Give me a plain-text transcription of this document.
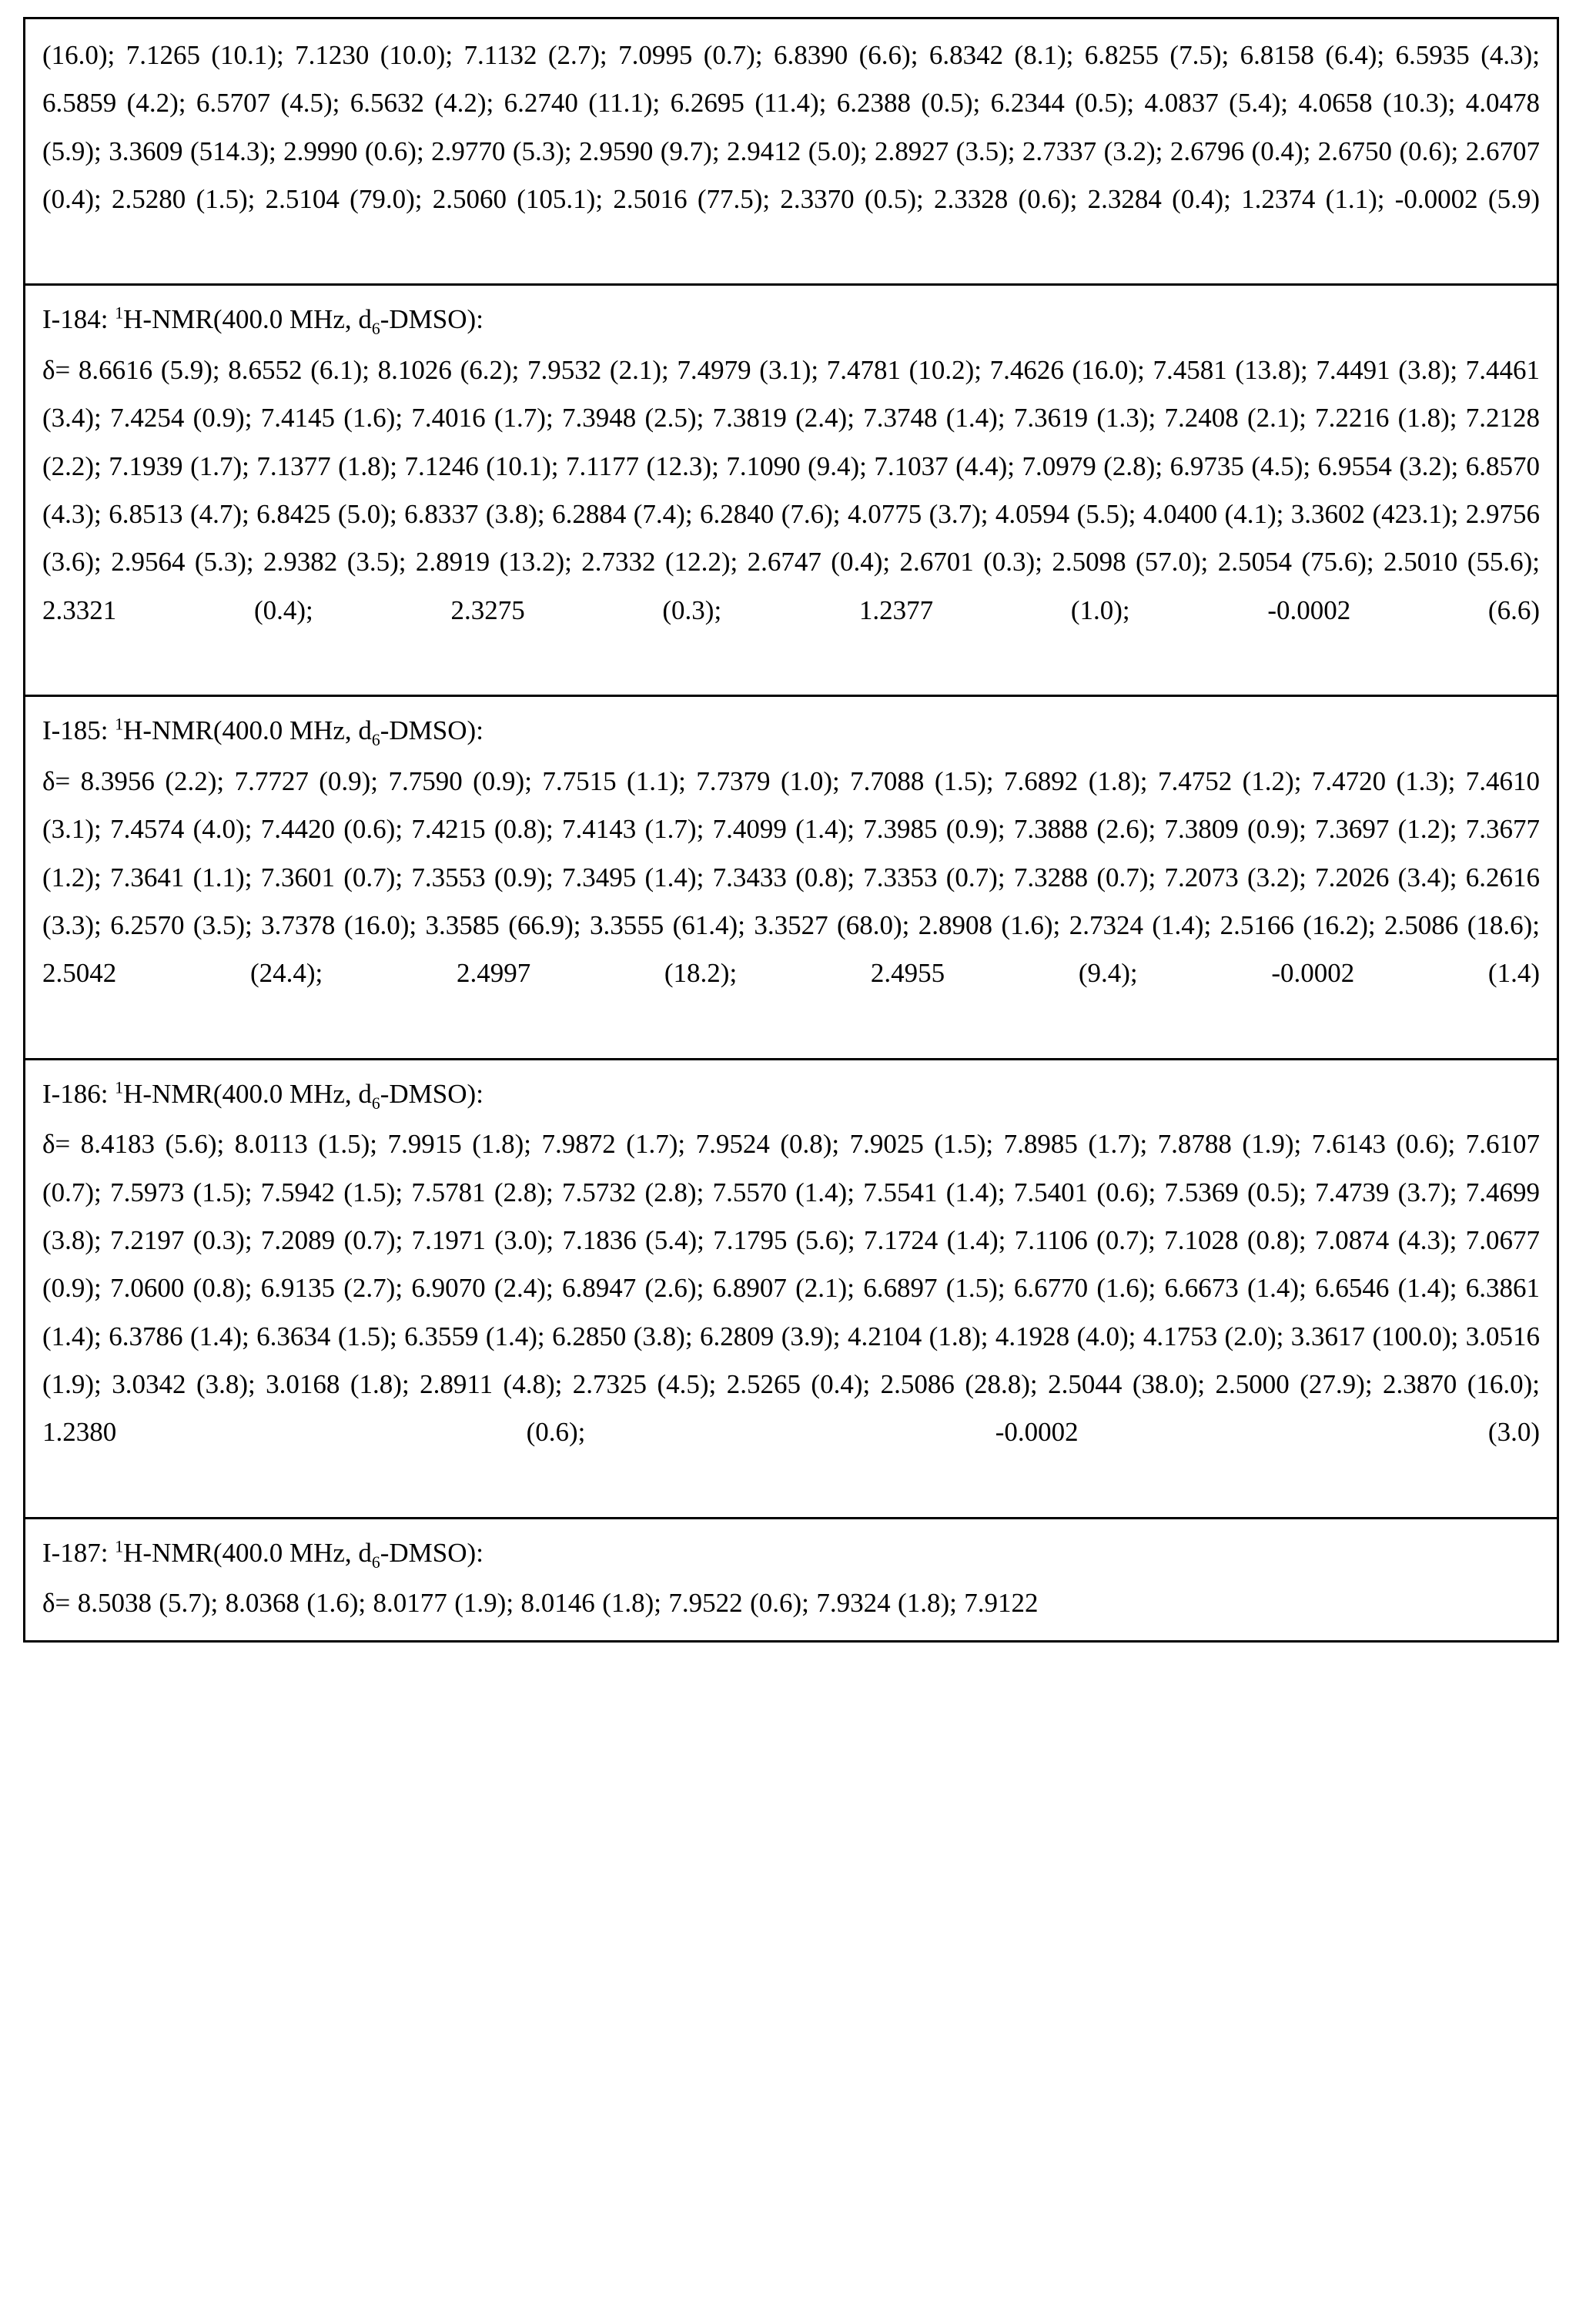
(16.0); 7.1265 (10.1); 7.1230 (10.0); 7.1132 (2.7); 7.0995 (0.7); 6.8390 (6.6); 6.8342 (8.1); 6.8255 (7.5); 6.8158 (6.4); 6.5935 (4.3); 6.5859 (4.2); 6.5707 (4.5); 6.5632 (4.2); 6.2740 (11.1); 6.2695 (11.4); 6.2388 (0.5); 6.2344 (0.5); 4.0837 (5.4); 4.0658 (10.3); 4.0478 (5.9); 3.3609 (514.3); 2.9990 (0.6); 2.9770 (5.3); 2.9590 (9.7); 2.9412 (5.0); 2.8927 (3.5); 2.7337 (3.2); 2.6796 (0.4); 2.6750 (0.6); 2.6707 (0.4); 2.5280 (1.5); 2.5104 (79.0); 2.5060 (105.1); 2.5016 (77.5); 2.3370 (0.5); 2.3328 (0.6); 2.3284 (0.4); 1.2374 (1.1); -0.0002 (5.9)

I-184: $^1$H-NMR(400.0 MHz, $d_6-DMSO$):

δ= 8.6616 (5.9); 8.6552 (6.1); 8.1026 (6.2); 7.9532 (2.1); 7.4979 (3.1); 7.4781 (10.2); 7.4626 (16.0); 7.4581 (13.8); 7.4491 (3.8); 7.4461 (3.4); 7.4254 (0.9); 7.4145 (1.6); 7.4016 (1.7); 7.3948 (2.5); 7.3819 (2.4); 7.3748 (1.4); 7.3619 (1.3); 7.2408 (2.1); 7.2216 (1.8); 7.2128 (2.2); 7.1939 (1.7); 7.1377 (1.8); 7.1246 (10.1); 7.1177 (12.3); 7.1090 (9.4); 7.1037 (4.4); 7.0979 (2.8); 6.9735 (4.5); 6.9554 (3.2); 6.8570 (4.3); 6.8513 (4.7); 6.8425 (5.0); 6.8337 (3.8); 6.2884 (7.4); 6.2840 (7.6); 4.0775 (3.7); 4.0594 (5.5); 4.0400 (4.1); 3.3602 (423.1); 2.9756 (3.6); 2.9564 (5.3); 2.9382 (3.5); 2.8919 (13.2); 2.7332 (12.2); 2.6747 (0.4); 2.6701 (0.3); 2.5098 (57.0); 2.5054 (75.6); 2.5010 (55.6); 2.3321 (0.4); 2.3275 (0.3); 1.2377 (1.0); -0.0002 (6.6)

I-185: $^1$H-NMR(400.0 MHz, $d_6-DMSO$):

δ= 8.3956 (2.2); 7.7727 (0.9); 7.7590 (0.9); 7.7515 (1.1); 7.7379 (1.0); 7.7088 (1.5); 7.6892 (1.8); 7.4752 (1.2); 7.4720 (1.3); 7.4610 (3.1); 7.4574 (4.0); 7.4420 (0.6); 7.4215 (0.8); 7.4143 (1.7); 7.4099 (1.4); 7.3985 (0.9); 7.3888 (2.6); 7.3809 (0.9); 7.3697 (1.2); 7.3677 (1.2); 7.3641 (1.1); 7.3601 (0.7); 7.3553 (0.9); 7.3495 (1.4); 7.3433 (0.8); 7.3353 (0.7); 7.3288 (0.7); 7.2073 (3.2); 7.2026 (3.4); 6.2616 (3.3); 6.2570 (3.5); 3.7378 (16.0); 3.3585 (66.9); 3.3555 (61.4); 3.3527 (68.0); 2.8908 (1.6); 2.7324 (1.4); 2.5166 (16.2); 2.5086 (18.6); 2.5042 (24.4); 2.4997 (18.2); 2.4955 (9.4); -0.0002 (1.4)

I-186: $^1$H-NMR(400.0 MHz, $d_6-DMSO$):

δ= 8.4183 (5.6); 8.0113 (1.5); 7.9915 (1.8); 7.9872 (1.7); 7.9524 (0.8); 7.9025 (1.5); 7.8985 (1.7); 7.8788 (1.9); 7.6143 (0.6); 7.6107 (0.7); 7.5973 (1.5); 7.5942 (1.5); 7.5781 (2.8); 7.5732 (2.8); 7.5570 (1.4); 7.5541 (1.4); 7.5401 (0.6); 7.5369 (0.5); 7.4739 (3.7); 7.4699 (3.8); 7.2197 (0.3); 7.2089 (0.7); 7.1971 (3.0); 7.1836 (5.4); 7.1795 (5.6); 7.1724 (1.4); 7.1106 (0.7); 7.1028 (0.8); 7.0874 (4.3); 7.0677 (0.9); 7.0600 (0.8); 6.9135 (2.7); 6.9070 (2.4); 6.8947 (2.6); 6.8907 (2.1); 6.6897 (1.5); 6.6770 (1.6); 6.6673 (1.4); 6.6546 (1.4); 6.3861 (1.4); 6.3786 (1.4); 6.3634 (1.5); 6.3559 (1.4); 6.2850 (3.8); 6.2809 (3.9); 4.2104 (1.8); 4.1928 (4.0); 4.1753 (2.0); 3.3617 (100.0); 3.0516 (1.9); 3.0342 (3.8); 3.0168 (1.8); 2.8911 (4.8); 2.7325 (4.5); 2.5265 (0.4); 2.5086 (28.8); 2.5044 (38.0); 2.5000 (27.9); 2.3870 (16.0); 1.2380 (0.6); -0.0002 (3.0)

I-187: $^1$H-NMR(400.0 MHz, $d_6-DMSO$):

δ= 8.5038 (5.7); 8.0368 (1.6); 8.0177 (1.9); 8.0146 (1.8); 7.9522 (0.6); 7.9324 (1.8); 7.9122
